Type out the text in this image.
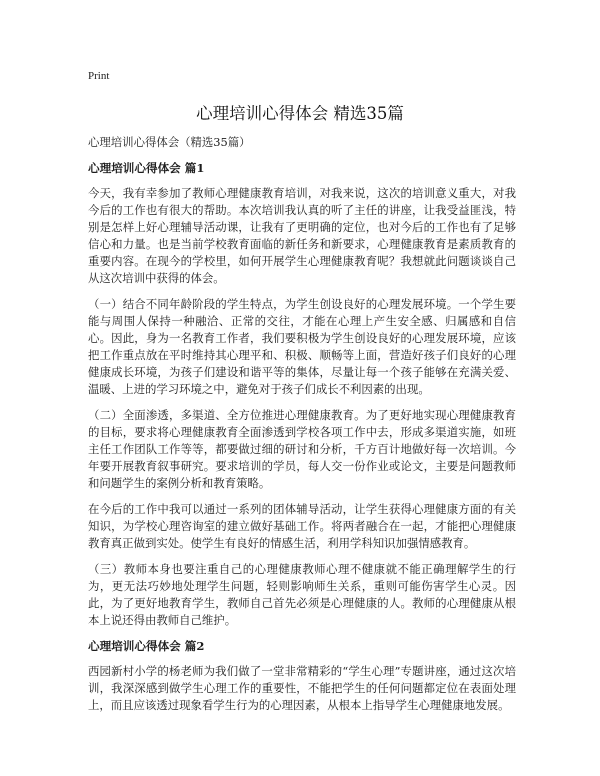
Print
心理培训心得体会 精选35篇

心理培训心得体会（精选35篇）

心理培训心得体会 篇1

今天，我有幸参加了教师心理健康教育培训，对我来说，这次的培训意义重大，对我今后的工作也有很大的帮助。本次培训我认真的听了主任的讲座，让我受益匪浅，特别是怎样上好心理辅导活动课，让我有了更明确的定位，也对今后的工作也有了足够信心和力量。也是当前学校教育面临的新任务和新要求，心理健康教育是素质教育的重要内容。在现今的学校里，如何开展学生心理健康教育呢？我想就此问题谈谈自己从这次培训中获得的体会。

（一）结合不同年龄阶段的学生特点，为学生创设良好的心理发展环境。一个学生要能与周围人保持一种融洽、正常的交往，才能在心理上产生安全感、归属感和自信心。因此，身为一名教育工作者，我们要积极为学生创设良好的心理发展环境，应该把工作重点放在平时维持其心理平和、积极、顺畅等上面，营造好孩子们良好的心理健康成长环境，为孩子们建设和谐平等的集体，尽量让每一个孩子能够在充满关爱、温暖、上进的学习环境之中，避免对于孩子们成长不利因素的出现。

（二）全面渗透，多渠道、全方位推进心理健康教育。为了更好地实现心理健康教育的目标，要求将心理健康教育全面渗透到学校各项工作中去，形成多渠道实施，如班主任工作团队工作等等，都要做过细的研讨和分析，千方百计地做好每一次培训。今年要开展教育叙事研究。要求培训的学员，每人交一份作业或论文，主要是问题教师和问题学生的案例分析和教育策略。

在今后的工作中我可以通过一系列的团体辅导活动，让学生获得心理健康方面的有关知识，为学校心理咨询室的建立做好基础工作。将两者融合在一起，才能把心理健康教育真正做到实处。使学生有良好的情感生活，利用学科知识加强情感教育。

（三）教师本身也要注重自己的心理健康教师心理不健康就不能正确理解学生的行为，更无法巧妙地处理学生问题，轻则影响师生关系，重则可能伤害学生心灵。因此，为了更好地教育学生，教师自己首先必须是心理健康的人。教师的心理健康从根本上说还得由教师自己维护。

心理培训心得体会 篇2

西园新村小学的杨老师为我们做了一堂非常精彩的“学生心理”专题讲座，通过这次培训，我深深感到做学生心理工作的重要性，不能把学生的任何问题都定位在表面处理上，而且应该透过现象看学生行为的心理因素，从根本上指导学生心理健康地发展。
